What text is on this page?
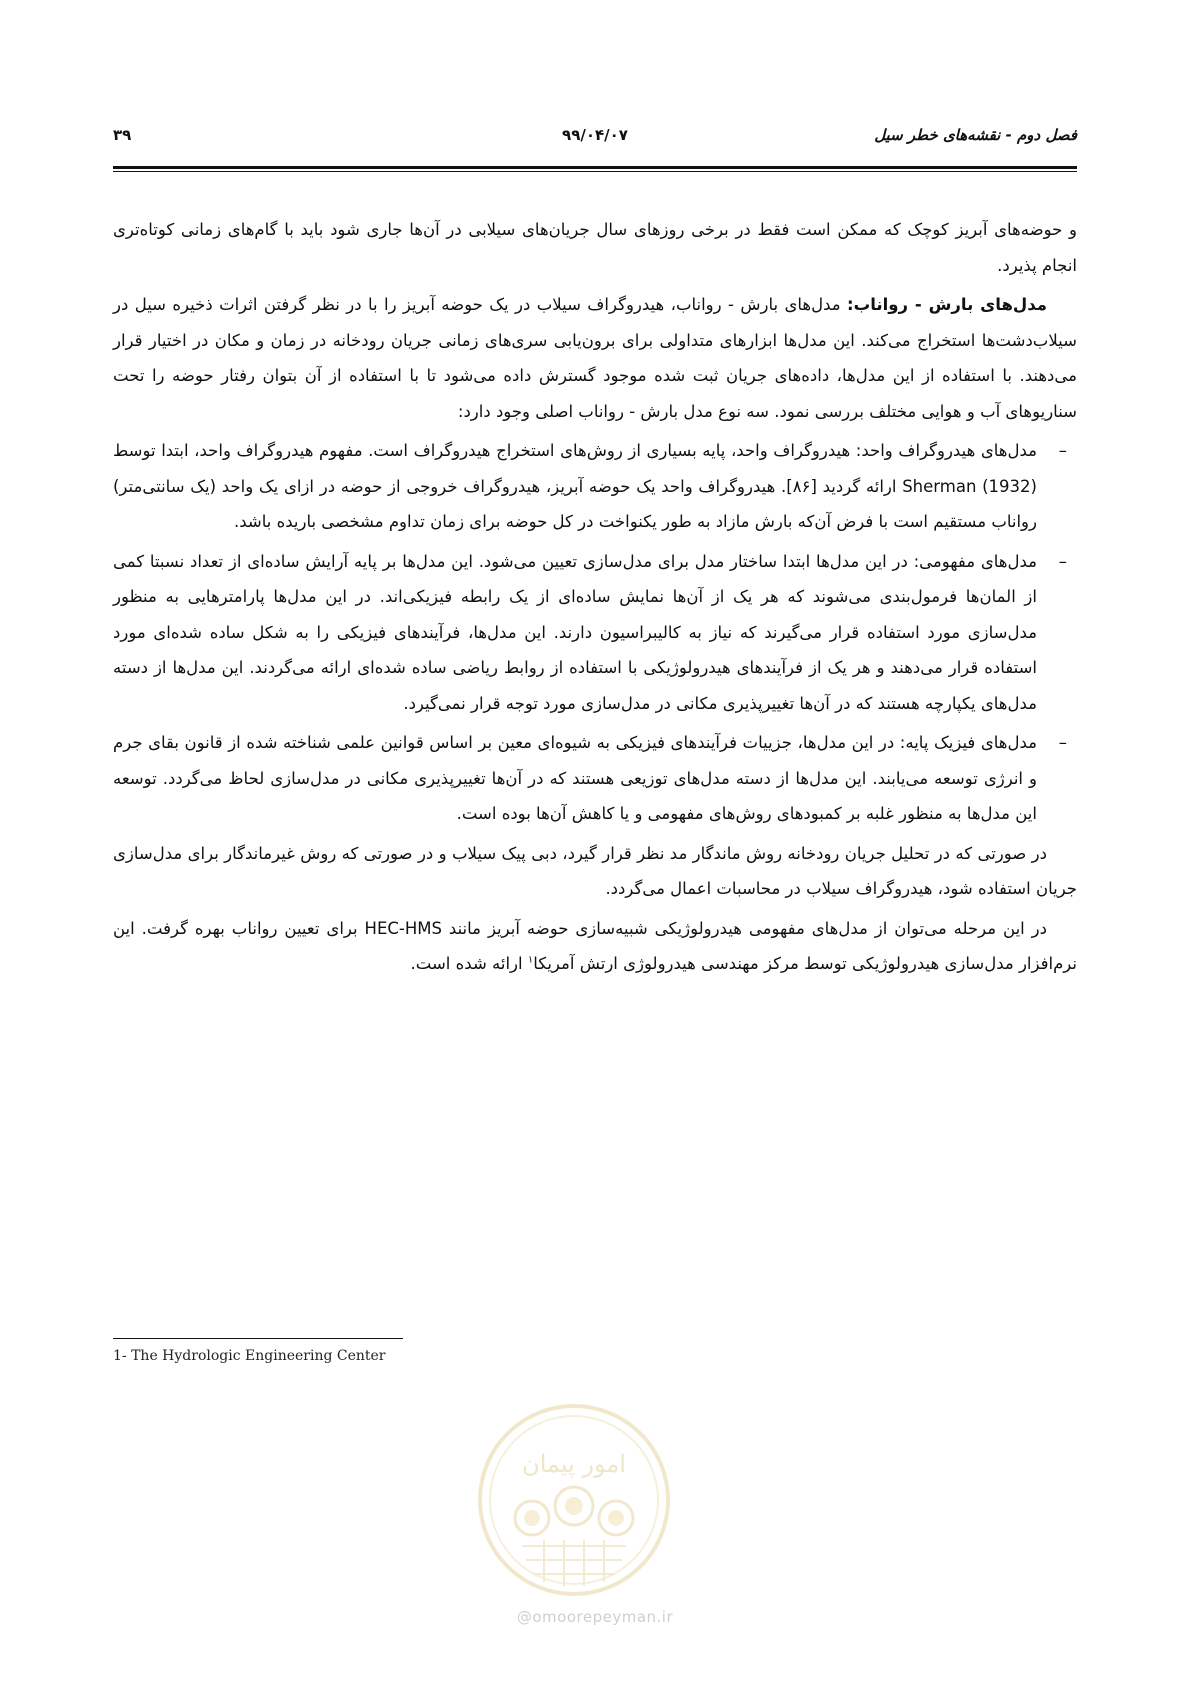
فصل دوم - نقشه‌های خطر سیل
۹۹/۰۴/۰۷
۳۹

و حوضه‌های آبریز کوچک که ممکن است فقط در برخی روزهای سال جریان‌های سیلابی در آن‌ها جاری شود باید با گام‌های زمانی کوتاه‌تری انجام پذیرد.

مدل‌های بارش - رواناب: مدل‌های بارش - رواناب، هیدروگراف سیلاب در یک حوضه آبریز را با در نظر گرفتن اثرات ذخیره سیل در سیلاب‌دشت‌ها استخراج می‌کند. این مدل‌ها ابزارهای متداولی برای برون‌یابی سری‌های زمانی جریان رودخانه در زمان و مکان در اختیار قرار می‌دهند. با استفاده از این مدل‌ها، داده‌های جریان ثبت شده موجود گسترش داده می‌شود تا با استفاده از آن بتوان رفتار حوضه را تحت سناریوهای آب و هوایی مختلف بررسی نمود. سه نوع مدل بارش - رواناب اصلی وجود دارد:

–
مدل‌های هیدروگراف واحد: هیدروگراف واحد، پایه بسیاری از روش‌های استخراج هیدروگراف است. مفهوم هیدروگراف واحد، ابتدا توسط Sherman (1932) ارائه گردید [۸۶]. هیدروگراف واحد یک حوضه آبریز، هیدروگراف خروجی از حوضه در ازای یک واحد (یک سانتی‌متر) رواناب مستقیم است با فرض آن‌که بارش مازاد به طور یکنواخت در کل حوضه برای زمان تداوم مشخصی باریده باشد.
–
مدل‌های مفهومی: در این مدل‌ها ابتدا ساختار مدل برای مدل‌سازی تعیین می‌شود. این مدل‌ها بر پایه آرایش ساده‌ای از تعداد نسبتا کمی از المان‌ها فرمول‌بندی می‌شوند که هر یک از آن‌ها نمایش ساده‌ای از یک رابطه فیزیکی‌اند. در این مدل‌ها پارامترهایی به منظور مدل‌سازی مورد استفاده قرار می‌گیرند که نیاز به کالیبراسیون دارند. این مدل‌ها، فرآیندهای فیزیکی را به شکل ساده شده‌ای مورد استفاده قرار می‌دهند و هر یک از فرآیندهای هیدرولوژیکی با استفاده از روابط ریاضی ساده شده‌ای ارائه می‌گردند. این مدل‌ها از دسته مدل‌های یکپارچه هستند که در آن‌ها تغییرپذیری مکانی در مدل‌سازی مورد توجه قرار نمی‌گیرد.
–
مدل‌های فیزیک پایه: در این مدل‌ها، جزییات فرآیندهای فیزیکی به شیوه‌ای معین بر اساس قوانین علمی شناخته شده از قانون بقای جرم و انرژی توسعه می‌یابند. این مدل‌ها از دسته مدل‌های توزیعی هستند که در آن‌ها تغییرپذیری مکانی در مدل‌سازی لحاظ می‌گردد. توسعه این مدل‌ها به منظور غلبه بر کمبودهای روش‌های مفهومی و یا کاهش آن‌ها بوده است.

در صورتی که در تحلیل جریان رودخانه روش ماندگار مد نظر قرار گیرد، دبی پیک سیلاب و در صورتی که روش غیرماندگار برای مدل‌سازی جریان استفاده شود، هیدروگراف سیلاب در محاسبات اعمال می‌گردد.

در این مرحله می‌توان از مدل‌های مفهومی هیدرولوژیکی شبیه‌سازی حوضه آبریز مانند HEC-HMS برای تعیین رواناب بهره گرفت. این نرم‌افزار مدل‌سازی هیدرولوژیکی توسط مرکز مهندسی هیدرولوژی ارتش آمریکا$^۱$ ارائه شده است.

1- The Hydrologic Engineering Center
امور پیمان
@omoorepeyman.ir
